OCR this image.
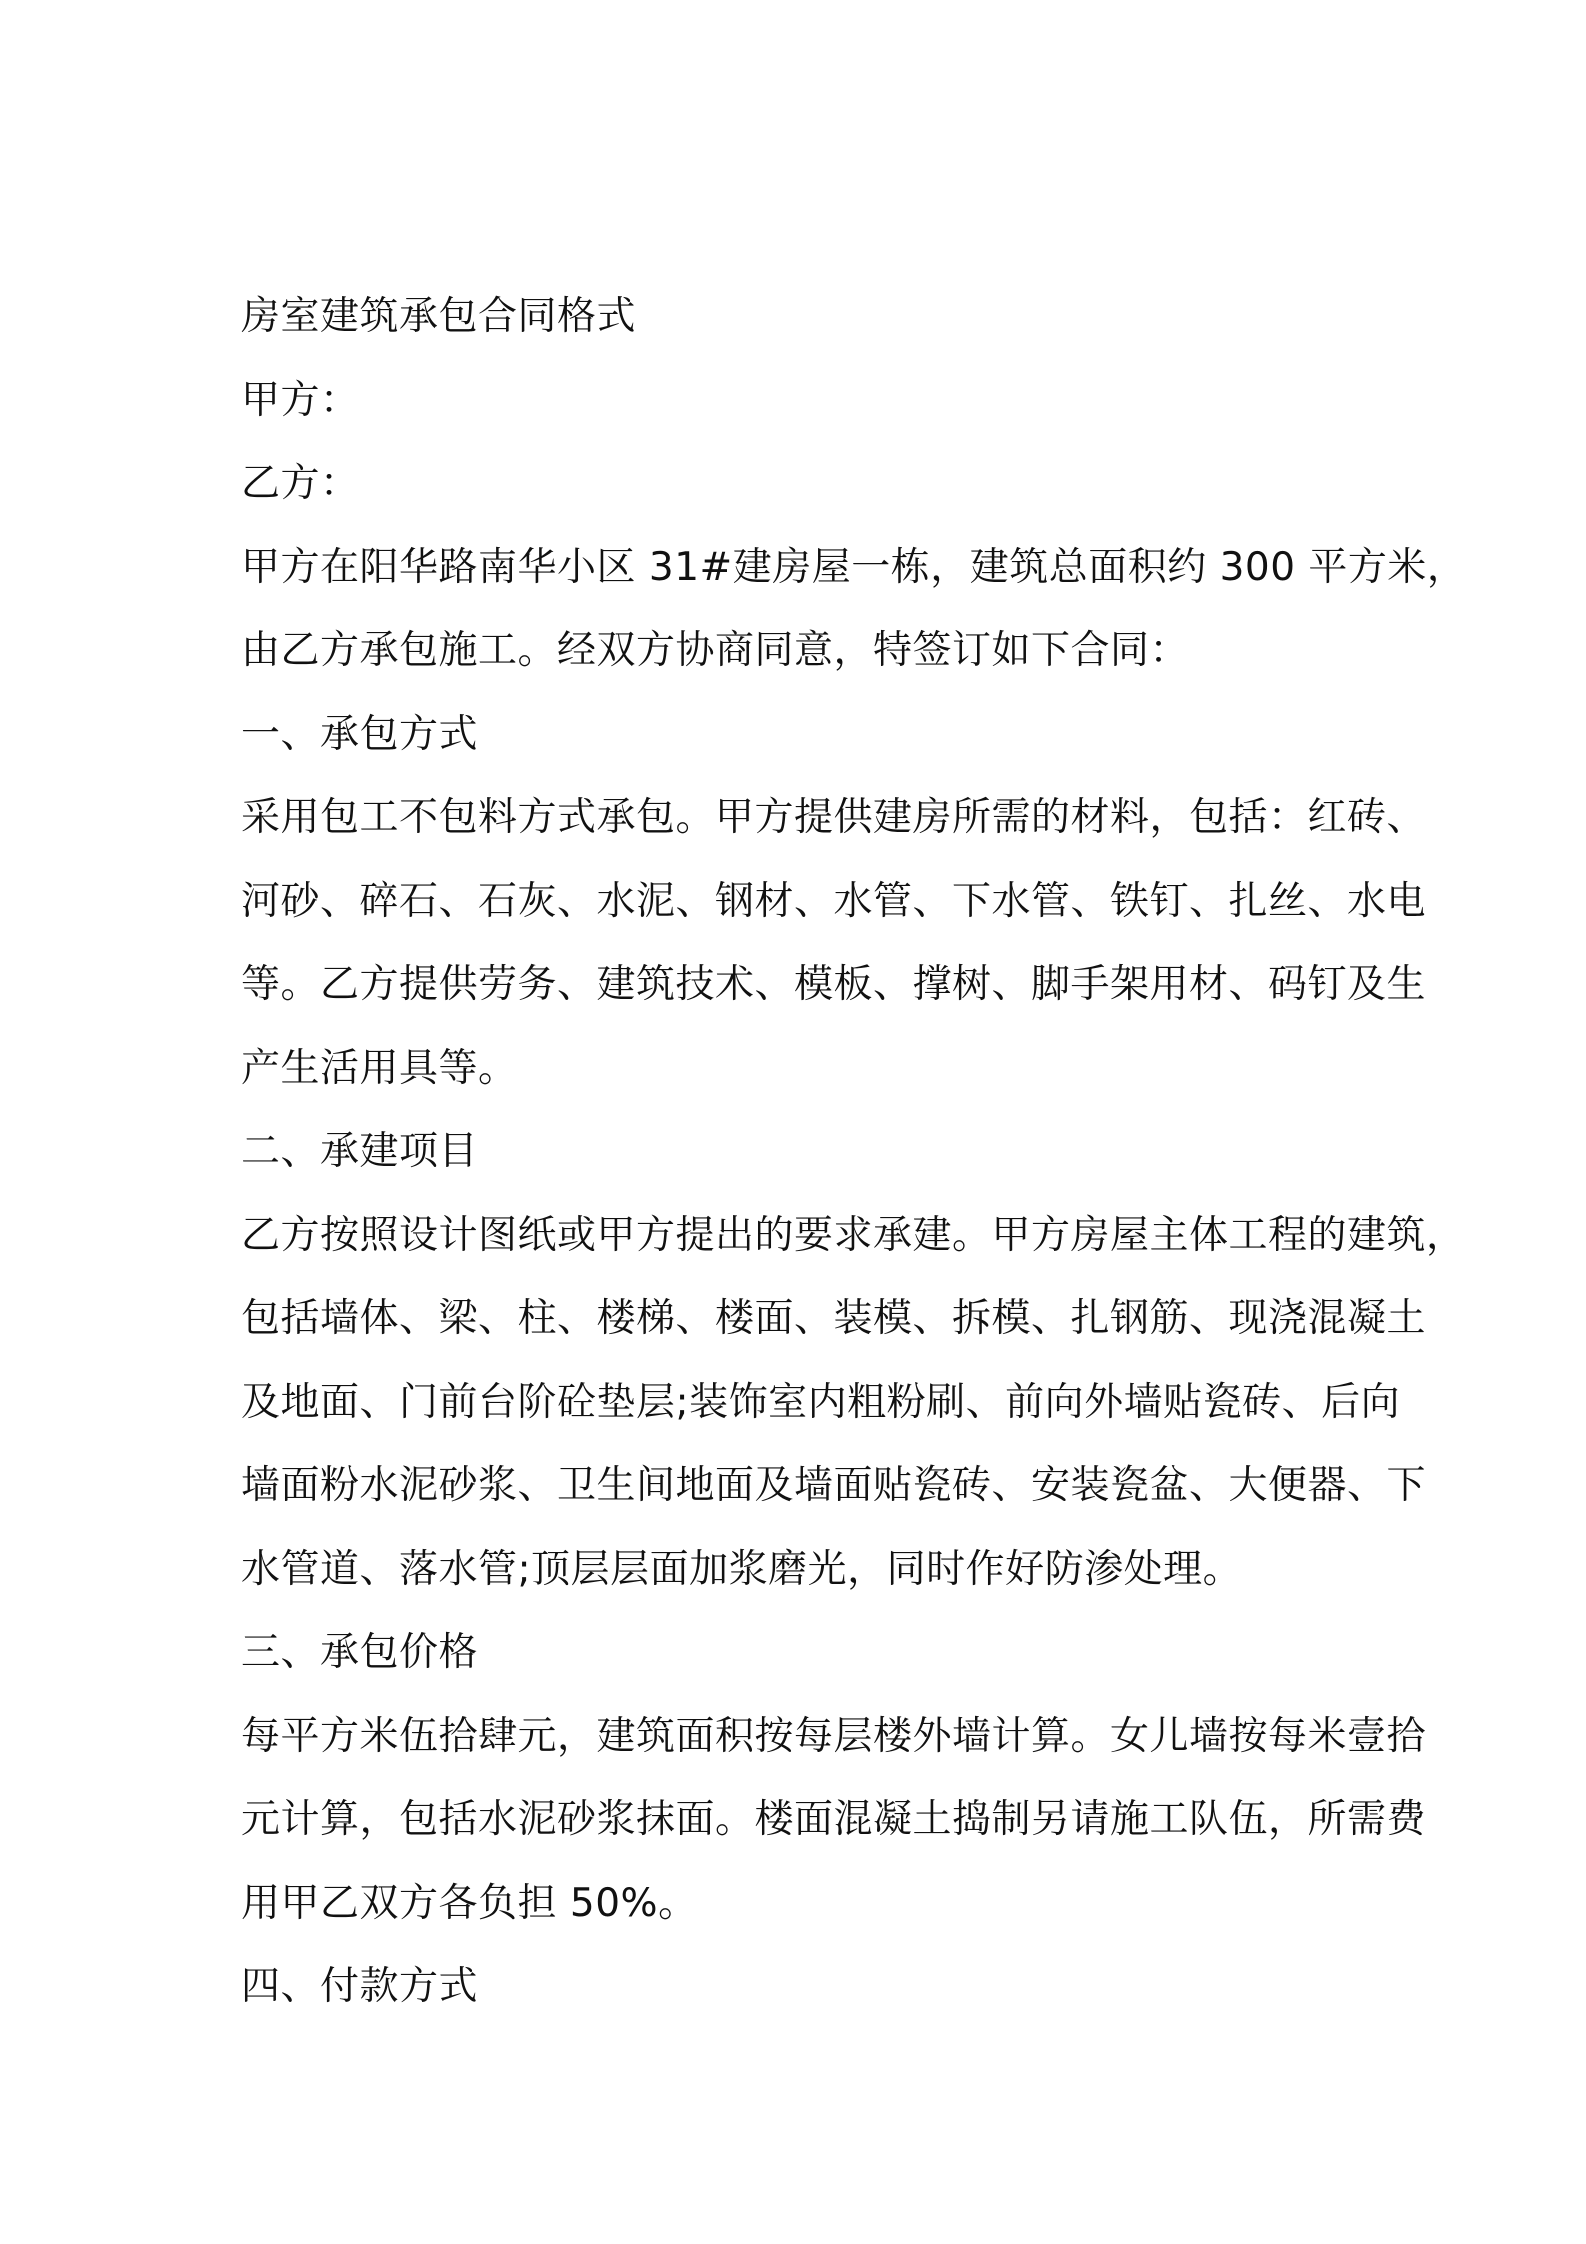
房室建筑承包合同格式
甲方：
乙方：
甲方在阳华路南华小区 31#建房屋一栋，建筑总面积约 300 平方米，
由乙方承包施工。经双方协商同意，特签订如下合同：
一、承包方式
采用包工不包料方式承包。甲方提供建房所需的材料，包括：红砖、
河砂、碎石、石灰、水泥、钢材、水管、下水管、铁钉、扎丝、水电
等。乙方提供劳务、建筑技术、模板、撑树、脚手架用材、码钉及生
产生活用具等。
二、承建项目
乙方按照设计图纸或甲方提出的要求承建。甲方房屋主体工程的建筑，
包括墙体、梁、柱、楼梯、楼面、装模、拆模、扎钢筋、现浇混凝土
及地面、门前台阶砼垫层;装饰室内粗粉刷、前向外墙贴瓷砖、后向
墙面粉水泥砂浆、卫生间地面及墙面贴瓷砖、安装瓷盆、大便器、下
水管道、落水管;顶层层面加浆磨光，同时作好防渗处理。
三、承包价格
每平方米伍拾肆元，建筑面积按每层楼外墙计算。女儿墙按每米壹拾
元计算，包括水泥砂浆抹面。楼面混凝土捣制另请施工队伍，所需费
用甲乙双方各负担 50%。
四、付款方式
